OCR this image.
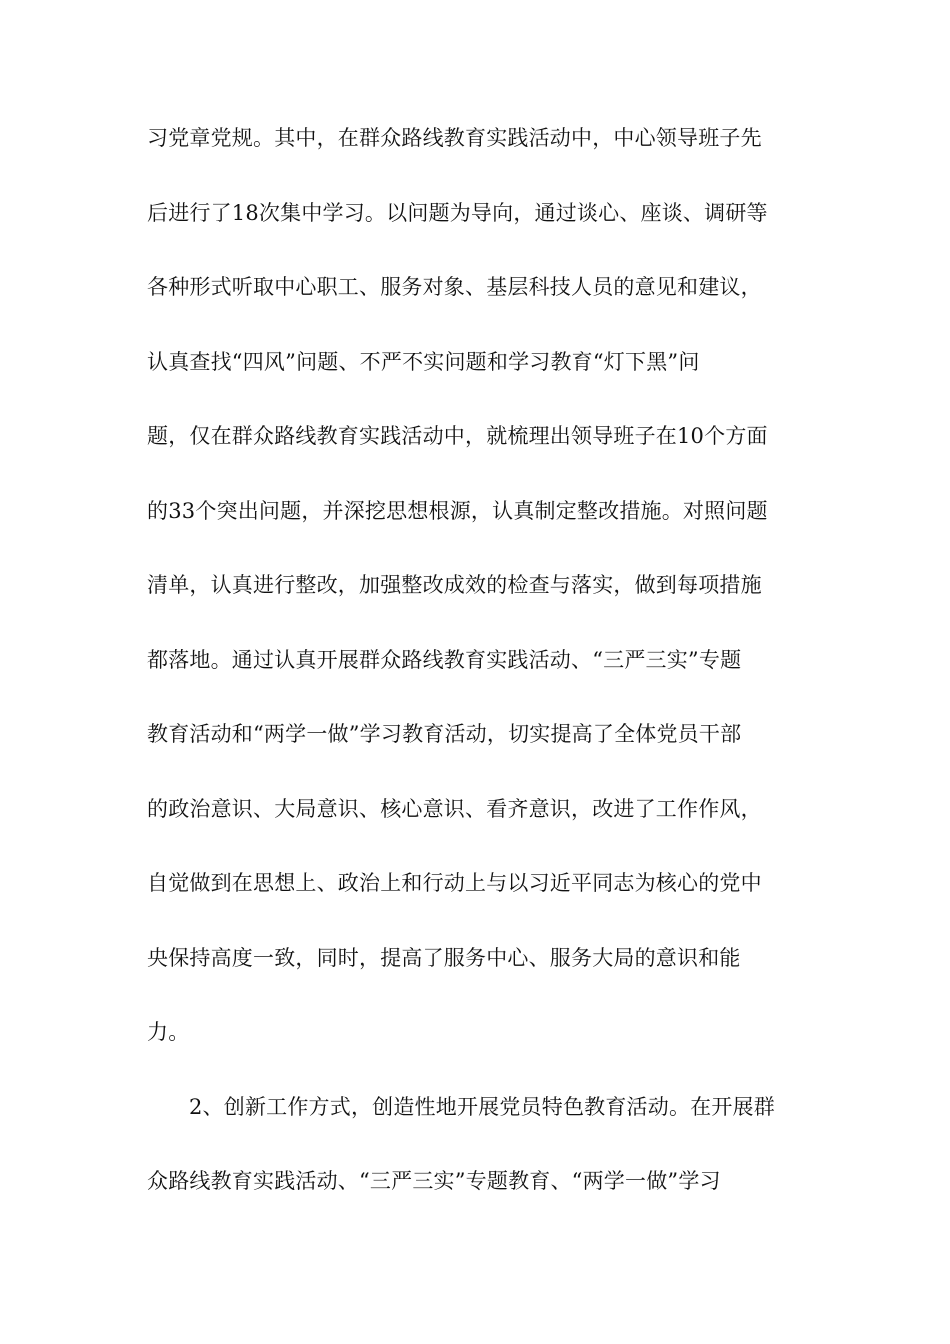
习党章党规。其中，在群众路线教育实践活动中，中心领导班子先
后进行了18次集中学习。以问题为导向，通过谈心、座谈、调研等
各种形式听取中心职工、服务对象、基层科技人员的意见和建议，
认真查找“四风”问题、不严不实问题和学习教育“灯下黑”问
题，仅在群众路线教育实践活动中，就梳理出领导班子在10个方面
的33个突出问题，并深挖思想根源，认真制定整改措施。对照问题
清单，认真进行整改，加强整改成效的检查与落实，做到每项措施
都落地。通过认真开展群众路线教育实践活动、“三严三实”专题
教育活动和“两学一做”学习教育活动，切实提高了全体党员干部
的政治意识、大局意识、核心意识、看齐意识，改进了工作作风，
自觉做到在思想上、政治上和行动上与以习近平同志为核心的党中
央保持高度一致，同时，提高了服务中心、服务大局的意识和能
力。
2、创新工作方式，创造性地开展党员特色教育活动。在开展群
众路线教育实践活动、“三严三实”专题教育、“两学一做”学习
